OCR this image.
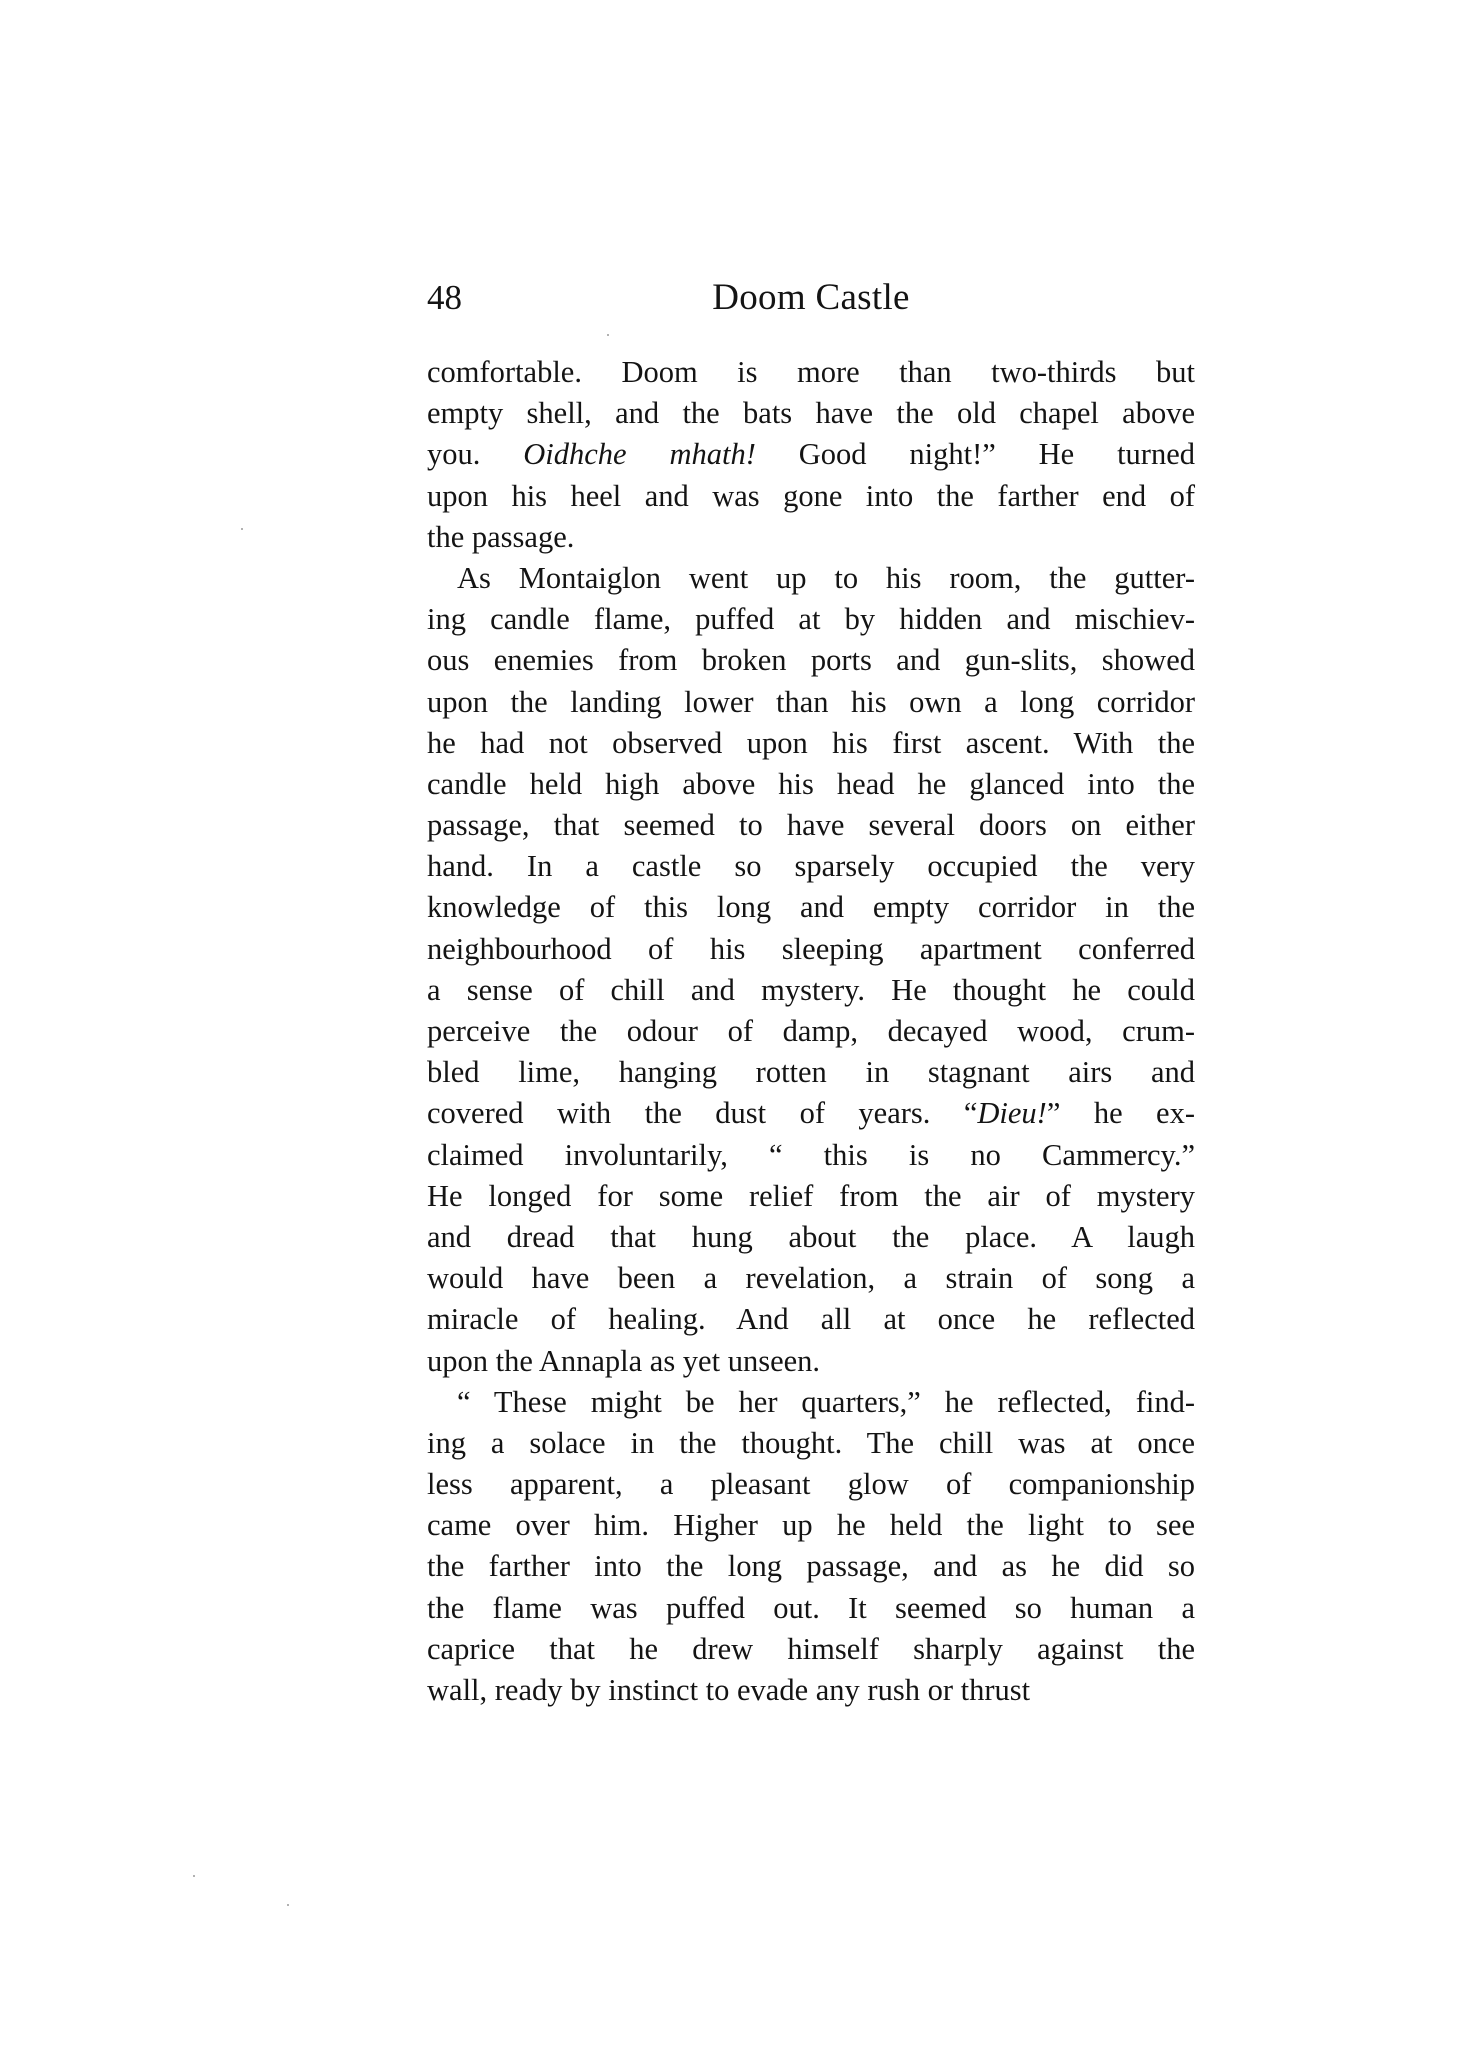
48	Doom Castle
comfortable. Doom is more than two-thirds but
empty shell, and the bats have the old chapel above
you. Oidhche mhath! Good night!” He turned
upon his heel and was gone into the farther end of
the passage.
As Montaiglon went up to his room, the gutter-
ing candle flame, puffed at by hidden and mischiev-
ous enemies from broken ports and gun-slits, showed
upon the landing lower than his own a long corridor
he had not observed upon his first ascent. With the
candle held high above his head he glanced into the
passage, that seemed to have several doors on either
hand. In a castle so sparsely occupied the very
knowledge of this long and empty corridor in the
neighbourhood of his sleeping apartment conferred
a sense of chill and mystery. He thought he could
perceive the odour of damp, decayed wood, crum-
bled lime, hanging rotten in stagnant airs and
covered with the dust of years. “Dieu!” he ex-
claimed involuntarily, “ this is no Cammercy.”
He longed for some relief from the air of mystery
and dread that hung about the place. A laugh
would have been a revelation, a strain of song a
miracle of healing. And all at once he reflected
upon the Annapla as yet unseen.
“ These might be her quarters,” he reflected, find-
ing a solace in the thought. The chill was at once
less apparent, a pleasant glow of companionship
came over him. Higher up he held the light to see
the farther into the long passage, and as he did so
the flame was puffed out. It seemed so human a
caprice that he drew himself sharply against the
wall, ready by instinct to evade any rush or thrust
